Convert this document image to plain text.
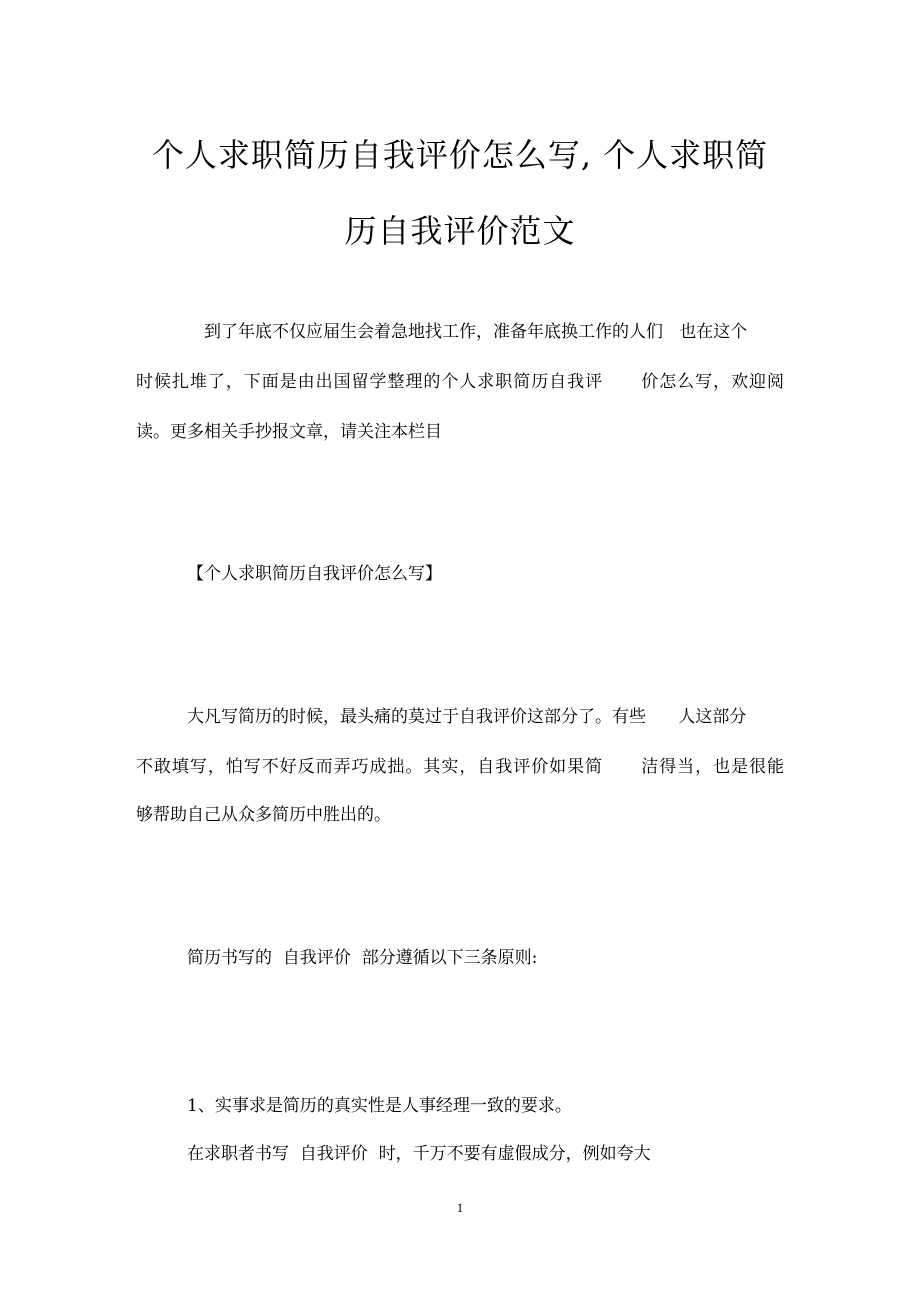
个人求职简历自我评价怎么写, 个人求职简
历自我评价范文

到了年底不仅应届生会着急地找工作，准备年底换工作的人们   也在这个

时候扎堆了，下面是由出国留学整理的个人求职简历自我评      价怎么写，欢迎阅

读。更多相关手抄报文章，请关注本栏目

【个人求职简历自我评价怎么写】

大凡写简历的时候，最头痛的莫过于自我评价这部分了。有些      人这部分

不敢填写，怕写不好反而弄巧成拙。其实，自我评价如果简      洁得当，也是很能

够帮助自己从众多简历中胜出的。

简历书写的  自我评价  部分遵循以下三条原则:

1、实事求是简历的真实性是人事经理一致的要求。

在求职者书写  自我评价  时，千万不要有虚假成分，例如夸大

1
